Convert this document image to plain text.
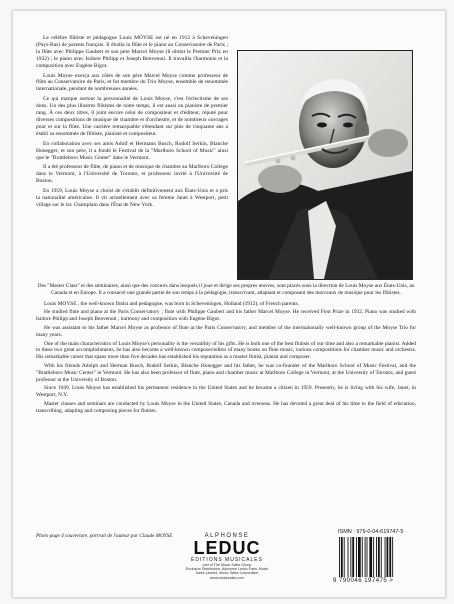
Le célèbre flûtiste et pédagogue Louis MOYSE est né en 1912 à Scheveningen (Pays-Bas) de parents français. Il étudia la flûte et le piano au Conservatoire de Paris ; la flûte avec Philippe Gaubert et son père Marcel Moyse (il obtint le Premier Prix en 1932) ; le piano avec Isidore Philipp et Joseph Benvenuti. Il travailla l'harmonie et la composition avec Eugène Bigot.

Louis Moyse exerça aux côtés de son père Marcel Moyse comme professeur de flûte au Conservatoire de Paris, et fut membre du Trio Moyse, ensemble de renommée internationale, pendant de nombreuses années.

Ce qui marque surtout la personnalité de Louis Moyse, c'est l'éclectisme de ses dons. Un des plus illustres flûtistes de notre temps, il est aussi un pianiste de premier rang. À ces deux titres, il joint encore celui de compositeur et d'éditeur, réputé pour diverses compositions de musique de chambre et d'orchestre, et de nombreux ouvrages pour et sur la flûte. Une carrière remarquable s'étendant sur plus de cinquante ans a établi sa renommée de flûtiste, pianiste et compositeur.

En collaboration avec ses amis Adolf et Hermann Busch, Rudolf Serkin, Blanche Honegger, et son père, il a fondé le Festival de la "Marlboro School of Music" ainsi que le "Brattleboro Music Center" dans le Vermont.

Il a été professeur de flûte, de piano et de musique de chambre au Marlboro College dans le Vermont, à l'Université de Toronto, et professeur invité à l'Université de Boston.

En 1959, Louis Moyse a choisi de s'établir définitivement aux États-Unis et a pris la nationalité américaine. Il vit actuellement avec sa femme Janet à Westport, petit village sur le lac Champlain dans l'État de New York.

Des "Master Class" et des séminaires, ainsi que des concerts dans lesquels il joue et dirige ses propres œuvres, sont placés sous la direction de Louis Moyse aux États-Unis, au Canada et en Europe. Il a consacré une grande partie de son temps à la pédagogie, transcrivant, adaptant et composant des morceaux de musique pour les flûtistes.

Louis MOYSE , the well-known flutist and pedagogue, was born in Scheveningen, Holland (1912), of French parents.

He studied flute and piano at the Paris Conservatory ; flute with Philippe Gaubert and his father Marcel Moyse. He received First Prize in 1932. Piano was studied with Isidore Philipp and Joseph Benvenuti ; harmony and composition with Eugène Bigot.

He was assistant to his father Marcel Moyse as professor of flute at the Paris Conservatory, and member of the internationally well-known group of the Moyse Trio for many years.

One of the main characteristics of Louis Moyse's personality is the versatility of his gifts. He is both one of the best flutists of our time and also a remarkable pianist. Added to these two great accomplishments, he has also become a well-known composer/editor of many books on flute music, various compositions for chamber music and orchestra. His remarkable career that spans more than five decades has established his reputation as a master flutist, pianist and composer.

With his friends Adolph and Herman Busch, Rudolf Serkin, Blanche Honegger and his father, he was co-founder of the Marlboro School of Music Festival, and the "Brattleboro Music Center" in Vermont. He has also been professor of flute, piano and chamber music at Marlboro College in Vermont, at the University of Toronto, and guest professor at the University of Boston.

Since 1949, Louis Moyse has established his permanent residence in the United States and he became a citizen in 1959. Presently, he is living with his wife, Janet, in Westport, N.Y.

Master classes and seminars are conducted by Louis Moyse in the United States, Canada and overseas. He has devoted a great deal of his time to the field of education, transcribing, adapting and composing pieces for flutists.

Photo page 4 couverture, portrait de l'auteur par Claude MOYSE	ALPHONSE
LEDUC
ÉDITIONS MUSICALES
part of The Music Sales Group
Exclusive Distributors: Alphonse Leduc Paris, Music Sales Limited, Music Sales Corporation
www.musicsales.com
ISMN : 979-0-04-619747-5
9 790046 197475 >
